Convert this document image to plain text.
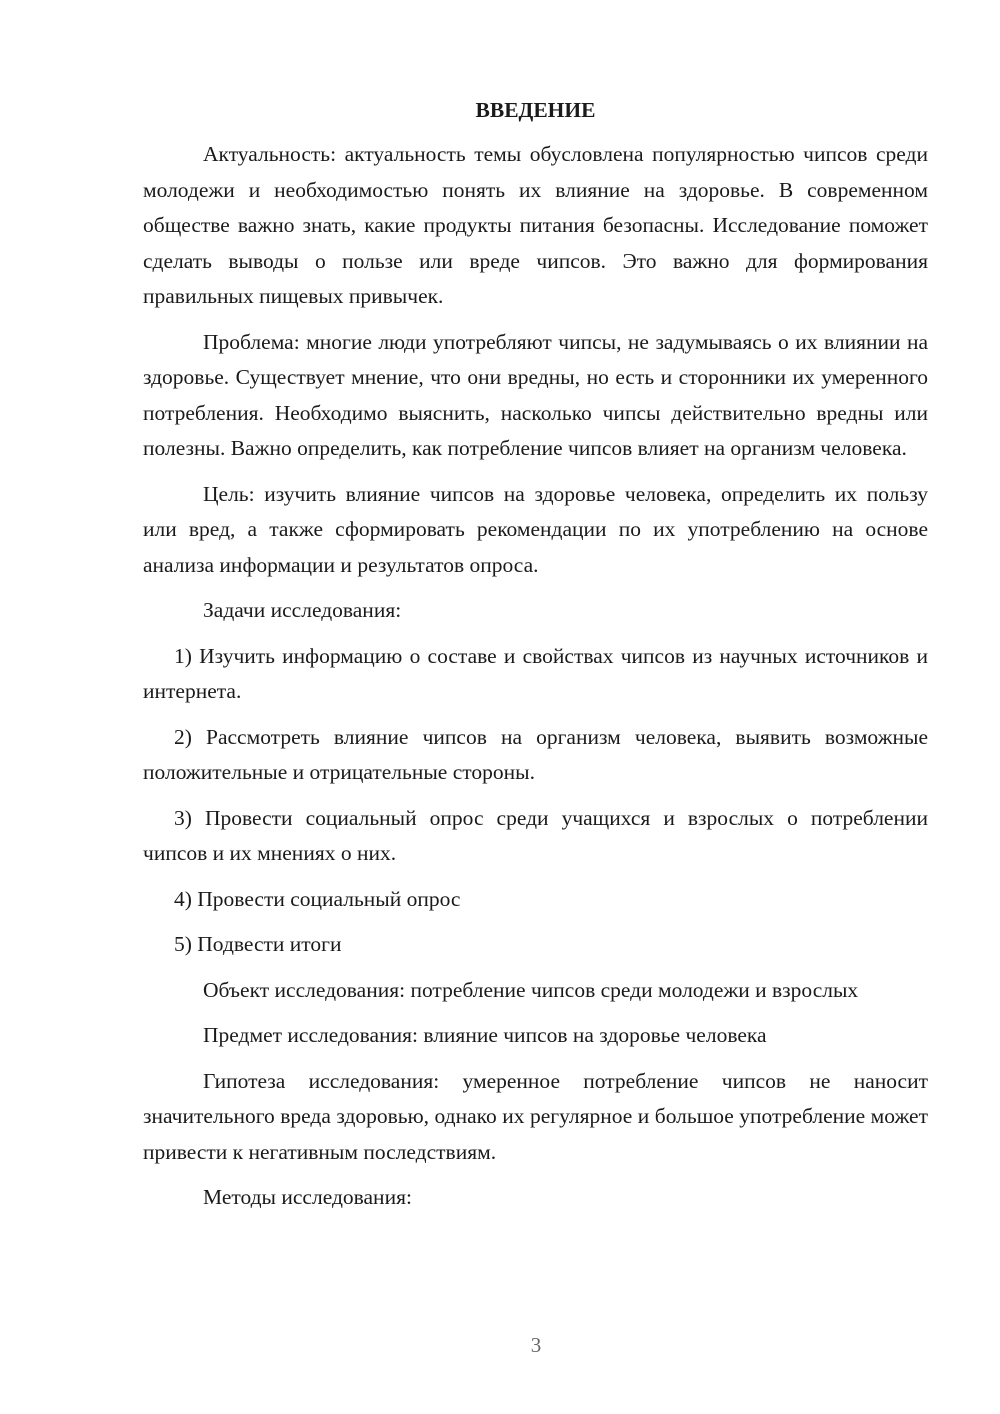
ВВЕДЕНИЕ

Актуальность: актуальность темы обусловлена популярностью чипсов среди молодежи и необходимостью понять их влияние на здоровье. В современном обществе важно знать, какие продукты питания безопасны. Исследование поможет сделать выводы о пользе или вреде чипсов. Это важно для формирования правильных пищевых привычек.

Проблема: многие люди употребляют чипсы, не задумываясь о их влиянии на здоровье. Существует мнение, что они вредны, но есть и сторонники их умеренного потребления. Необходимо выяснить, насколько чипсы действительно вредны или полезны. Важно определить, как потребление чипсов влияет на организм человека.

Цель: изучить влияние чипсов на здоровье человека, определить их пользу или вред, а также сформировать рекомендации по их употреблению на основе анализа информации и результатов опроса.

Задачи исследования:

1) Изучить информацию о составе и свойствах чипсов из научных источников и интернета.

2) Рассмотреть влияние чипсов на организм человека, выявить возможные положительные и отрицательные стороны.

3) Провести социальный опрос среди учащихся и взрослых о потреблении чипсов и их мнениях о них.

4) Провести социальный опрос

5) Подвести итоги

Объект исследования: потребление чипсов среди молодежи и взрослых

Предмет исследования: влияние чипсов на здоровье человека

Гипотеза исследования: умеренное потребление чипсов не наносит значительного вреда здоровью, однако их регулярное и большое употребление может привести к негативным последствиям.

Методы исследования:

3
